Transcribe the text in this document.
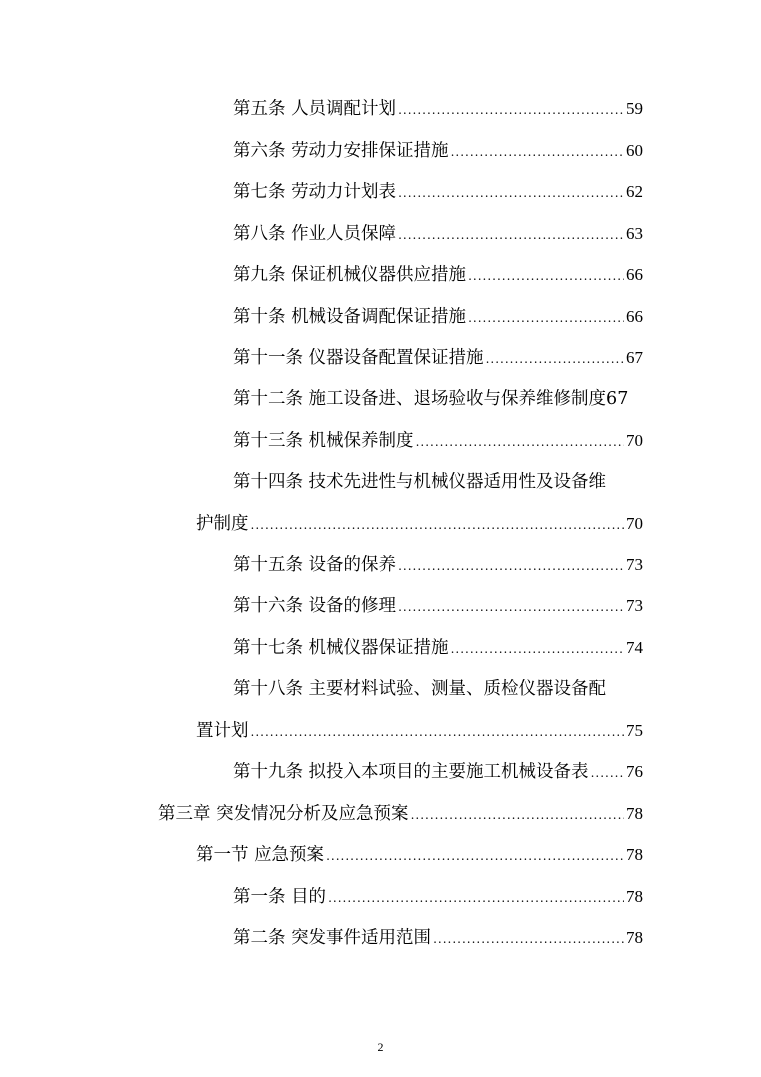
第五条 人员调配计划 .....	59
第六条 劳动力安排保证措施 .....	60
第七条 劳动力计划表 .....	62
第八条 作业人员保障 .....	63
第九条 保证机械仪器供应措施 .....	66
第十条 机械设备调配保证措施 .....	66
第十一条 仪器设备配置保证措施 .....	67
第十二条 施工设备进、退场验收与保养维修制度67
第十三条 机械保养制度 .....	70
第十四条 技术先进性与机械仪器适用性及设备维
护制度 .....	70
第十五条 设备的保养 .....	73
第十六条 设备的修理 .....	73
第十七条 机械仪器保证措施 .....	74
第十八条 主要材料试验、测量、质检仪器设备配
置计划 .....	75
第十九条 拟投入本项目的主要施工机械设备表 ..... 76
第三章 突发情况分析及应急预案 .....	78
第一节 应急预案 .....	78
第一条 目的 .....	78
第二条 突发事件适用范围 .....	78
2
